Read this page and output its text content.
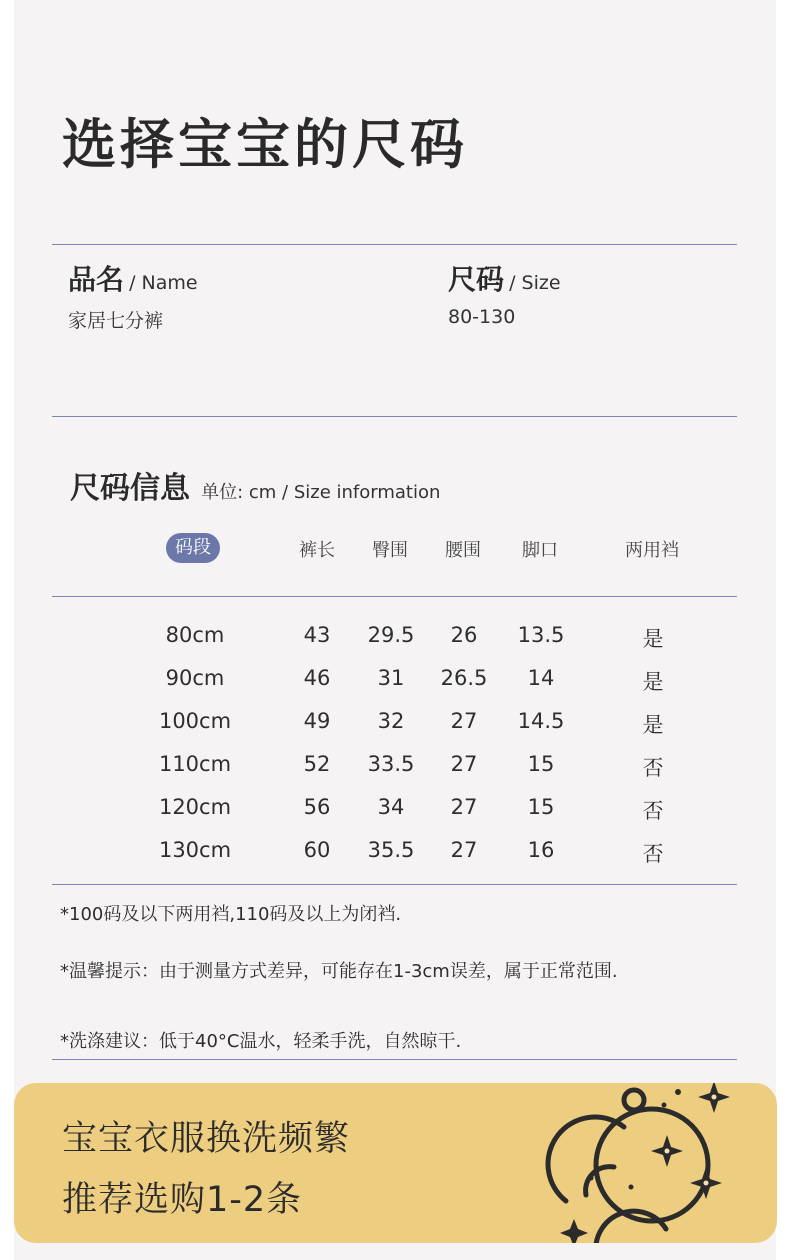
选择宝宝的尺码
品名 / Name
家居七分裤
尺码 / Size
80-130
尺码信息 单位: cm / Size information
码段	裤长	臀围	腰围	脚口	两用裆
80cm	43	29.5	26	13.5	是
90cm	46	31	26.5	14	是
100cm	49	32	27	14.5	是
110cm	52	33.5	27	15	否
120cm	56	34	27	15	否
130cm	60	35.5	27	16	否
*100码及以下两用裆,110码及以上为闭裆.
*温馨提示：由于测量方式差异，可能存在1-3cm误差，属于正常范围.
*洗涤建议：低于40°C温水，轻柔手洗，自然晾干.
宝宝衣服换洗频繁
推荐选购1-2条
